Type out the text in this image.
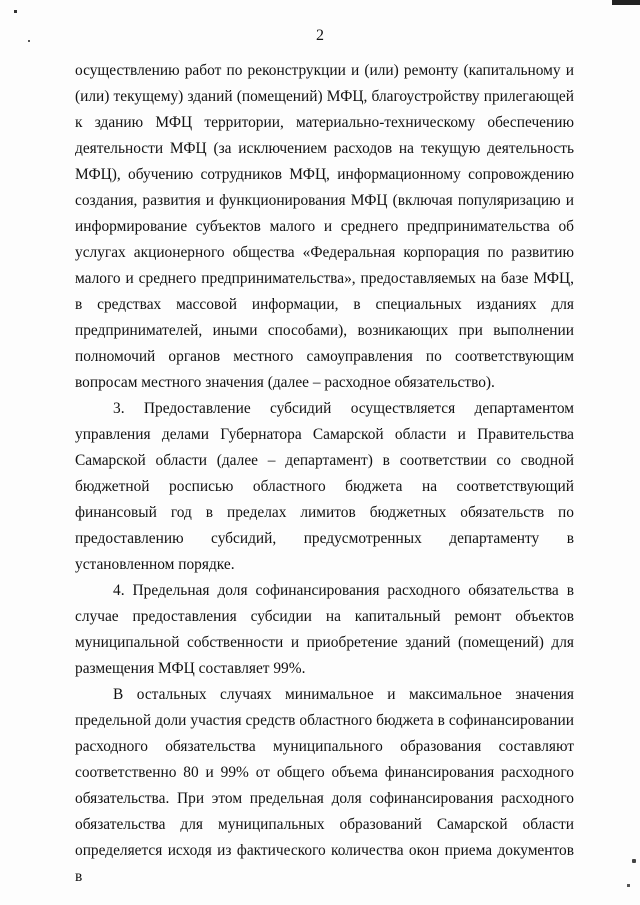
2

осуществлению работ по реконструкции и (или) ремонту (капитальному и (или) текущему) зданий (помещений) МФЦ, благоустройству прилегающей к зданию МФЦ территории, материально-техническому обеспечению деятельности МФЦ (за исключением расходов на текущую деятельность МФЦ), обучению сотрудников МФЦ, информационному сопровождению создания, развития и функционирования МФЦ (включая популяризацию и информирование субъектов малого и среднего предпринимательства об услугах акционерного общества «Федеральная корпорация по развитию малого и среднего предпринимательства», предоставляемых на базе МФЦ, в средствах массовой информации, в специальных изданиях для предпринимателей, иными способами), возникающих при выполнении полномочий органов местного самоуправления по соответствующим вопросам местного значения (далее – расходное обязательство).

3. Предоставление субсидий осуществляется департаментом управления делами Губернатора Самарской области и Правительства Самарской области (далее – департамент) в соответствии со сводной бюджетной росписью областного бюджета на соответствующий финансовый год в пределах лимитов бюджетных обязательств по предоставлению субсидий, предусмотренных департаменту в установленном порядке.

4. Предельная доля софинансирования расходного обязательства в случае предоставления субсидии на капитальный ремонт объектов муниципальной собственности и приобретение зданий (помещений) для размещения МФЦ составляет 99%.

В остальных случаях минимальное и максимальное значения предельной доли участия средств областного бюджета в софинансировании расходного обязательства муниципального образования составляют соответственно 80 и 99% от общего объема финансирования расходного обязательства. При этом предельная доля софинансирования расходного обязательства для муниципальных образований Самарской области определяется исходя из фактического количества окон приема документов в
